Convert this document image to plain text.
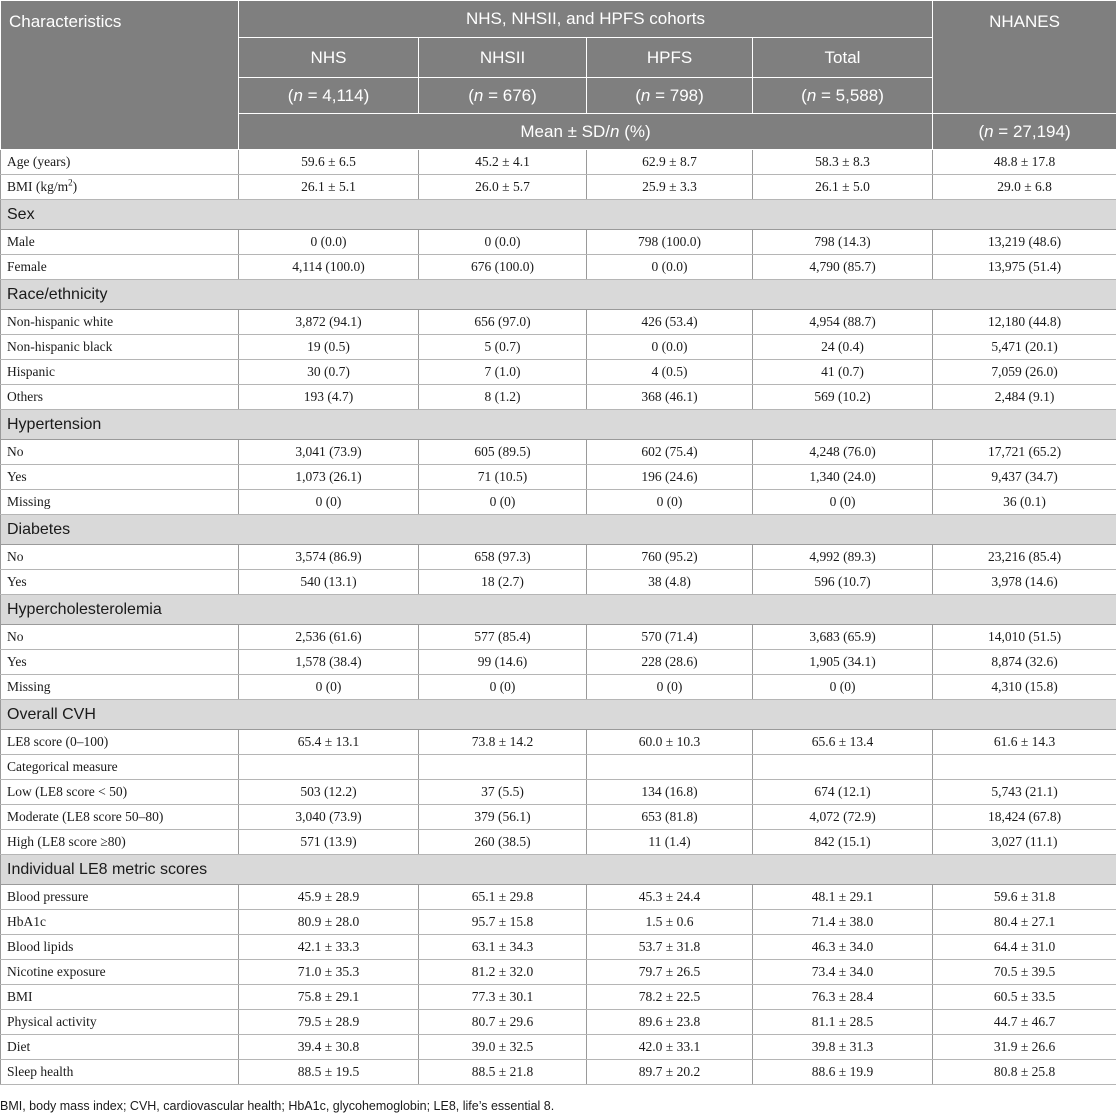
Characteristics	NHS, NHSII, and HPFS cohorts				NHANES
	NHS	NHSII	HPFS	Total	
	(n = 4,114)	(n = 676)	(n = 798)	(n = 5,588)	
	Mean ± SD/n (%)				(n = 27,194)
Age (years)	59.6 ± 6.5	45.2 ± 4.1	62.9 ± 8.7	58.3 ± 8.3	48.8 ± 17.8
BMI $(kg/m^2)$	26.1 ± 5.1	26.0 ± 5.7	25.9 ± 3.3	26.1 ± 5.0	29.0 ± 6.8
Sex					
Male	0 (0.0)	0 (0.0)	798 (100.0)	798 (14.3)	13,219 (48.6)
Female	4,114 (100.0)	676 (100.0)	0 (0.0)	4,790 (85.7)	13,975 (51.4)
Race/ethnicity					
Non-hispanic white	3,872 (94.1)	656 (97.0)	426 (53.4)	4,954 (88.7)	12,180 (44.8)
Non-hispanic black	19 (0.5)	5 (0.7)	0 (0.0)	24 (0.4)	5,471 (20.1)
Hispanic	30 (0.7)	7 (1.0)	4 (0.5)	41 (0.7)	7,059 (26.0)
Others	193 (4.7)	8 (1.2)	368 (46.1)	569 (10.2)	2,484 (9.1)
Hypertension					
No	3,041 (73.9)	605 (89.5)	602 (75.4)	4,248 (76.0)	17,721 (65.2)
Yes	1,073 (26.1)	71 (10.5)	196 (24.6)	1,340 (24.0)	9,437 (34.7)
Missing	0 (0)	0 (0)	0 (0)	0 (0)	36 (0.1)
Diabetes					
No	3,574 (86.9)	658 (97.3)	760 (95.2)	4,992 (89.3)	23,216 (85.4)
Yes	540 (13.1)	18 (2.7)	38 (4.8)	596 (10.7)	3,978 (14.6)
Hypercholesterolemia					
No	2,536 (61.6)	577 (85.4)	570 (71.4)	3,683 (65.9)	14,010 (51.5)
Yes	1,578 (38.4)	99 (14.6)	228 (28.6)	1,905 (34.1)	8,874 (32.6)
Missing	0 (0)	0 (0)	0 (0)	0 (0)	4,310 (15.8)
Overall CVH					
LE8 score (0–100)	65.4 ± 13.1	73.8 ± 14.2	60.0 ± 10.3	65.6 ± 13.4	61.6 ± 14.3
Categorical measure					
Low (LE8 score < 50)	503 (12.2)	37 (5.5)	134 (16.8)	674 (12.1)	5,743 (21.1)
Moderate (LE8 score 50–80)	3,040 (73.9)	379 (56.1)	653 (81.8)	4,072 (72.9)	18,424 (67.8)
High (LE8 score ≥80)	571 (13.9)	260 (38.5)	11 (1.4)	842 (15.1)	3,027 (11.1)
Individual LE8 metric scores					
Blood pressure	45.9 ± 28.9	65.1 ± 29.8	45.3 ± 24.4	48.1 ± 29.1	59.6 ± 31.8
HbA1c	80.9 ± 28.0	95.7 ± 15.8	1.5 ± 0.6	71.4 ± 38.0	80.4 ± 27.1
Blood lipids	42.1 ± 33.3	63.1 ± 34.3	53.7 ± 31.8	46.3 ± 34.0	64.4 ± 31.0
Nicotine exposure	71.0 ± 35.3	81.2 ± 32.0	79.7 ± 26.5	73.4 ± 34.0	70.5 ± 39.5
BMI	75.8 ± 29.1	77.3 ± 30.1	78.2 ± 22.5	76.3 ± 28.4	60.5 ± 33.5
Physical activity	79.5 ± 28.9	80.7 ± 29.6	89.6 ± 23.8	81.1 ± 28.5	44.7 ± 46.7
Diet	39.4 ± 30.8	39.0 ± 32.5	42.0 ± 33.1	39.8 ± 31.3	31.9 ± 26.6
Sleep health	88.5 ± 19.5	88.5 ± 21.8	89.7 ± 20.2	88.6 ± 19.9	80.8 ± 25.8

BMI, body mass index; CVH, cardiovascular health; HbA1c, glycohemoglobin; LE8, life’s essential 8.
